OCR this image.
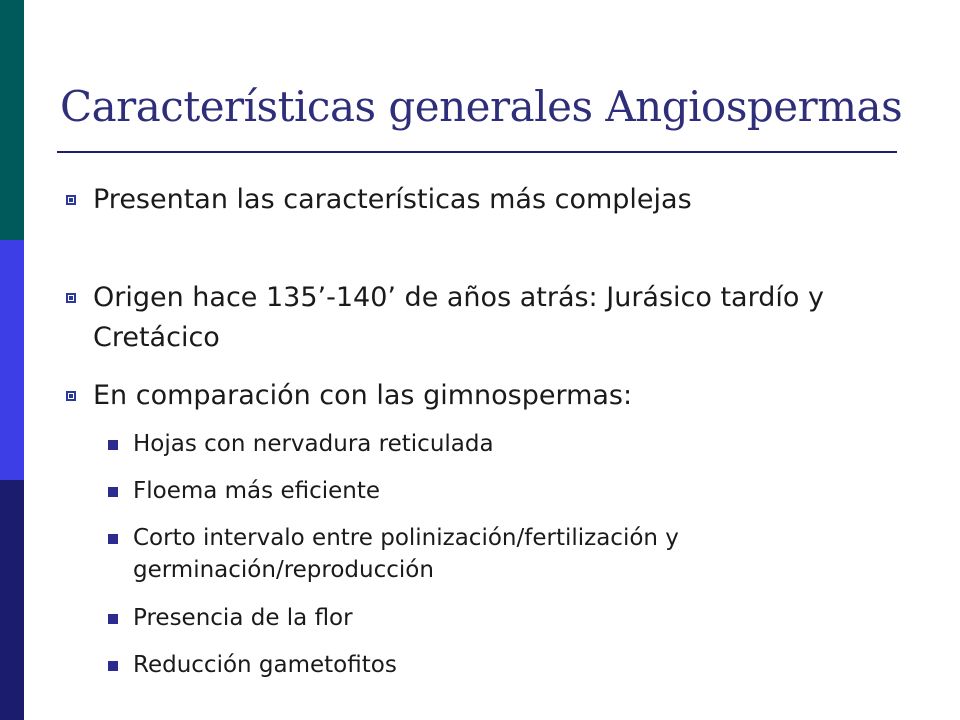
Características generales Angiospermas
Presentan las características más complejas
Origen hace 135’-140’ de años atrás: Jurásico tardío y Cretácico
En comparación con las gimnospermas:
Hojas con nervadura reticulada
Floema más eficiente
Corto intervalo entre polinización/fertilización y germinación/reproducción
Presencia de la flor
Reducción gametofitos
